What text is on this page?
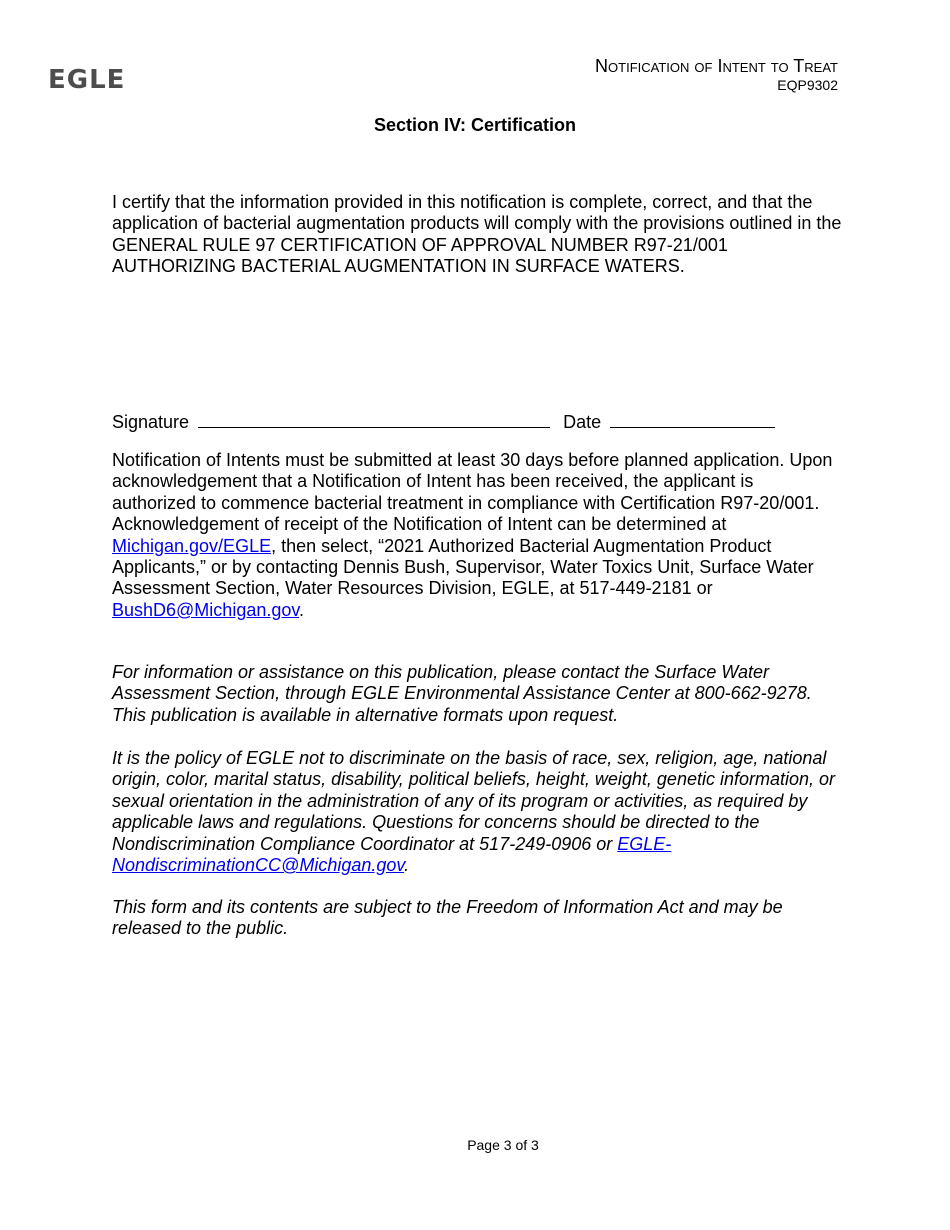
EGLE	Notification of Intent to Treat
EQP9302
Section IV: Certification
I certify that the information provided in this notification is complete, correct, and that the application of bacterial augmentation products will comply with the provisions outlined in the GENERAL RULE 97 CERTIFICATION OF APPROVAL NUMBER R97-21/001 AUTHORIZING BACTERIAL AUGMENTATION IN SURFACE WATERS.
Signature	Date
Notification of Intents must be submitted at least 30 days before planned application. Upon acknowledgement that a Notification of Intent has been received, the applicant is authorized to commence bacterial treatment in compliance with Certification R97-20/001. Acknowledgement of receipt of the Notification of Intent can be determined at Michigan.gov/EGLE, then select, “2021 Authorized Bacterial Augmentation Product Applicants,” or by contacting Dennis Bush, Supervisor, Water Toxics Unit, Surface Water Assessment Section, Water Resources Division, EGLE, at 517-449-2181 or BushD6@Michigan.gov.
For information or assistance on this publication, please contact the Surface Water Assessment Section, through EGLE Environmental Assistance Center at 800-662-9278. This publication is available in alternative formats upon request.
It is the policy of EGLE not to discriminate on the basis of race, sex, religion, age, national origin, color, marital status, disability, political beliefs, height, weight, genetic information, or sexual orientation in the administration of any of its program or activities, as required by applicable laws and regulations. Questions for concerns should be directed to the Nondiscrimination Compliance Coordinator at 517-249-0906 or EGLE-NondiscriminationCC@Michigan.gov.
This form and its contents are subject to the Freedom of Information Act and may be released to the public.
Page 3 of 3
